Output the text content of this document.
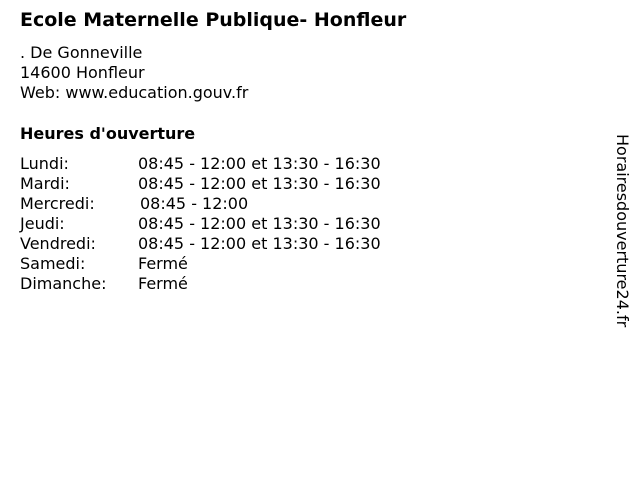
Ecole Maternelle Publique- Honfleur
. De Gonneville
14600 Honfleur
Web: www.education.gouv.fr
Heures d'ouverture
Lundi:	08:45 - 12:00 et 13:30 - 16:30
Mardi:	08:45 - 12:00 et 13:30 - 16:30
Mercredi:	08:45 - 12:00
Jeudi:	08:45 - 12:00 et 13:30 - 16:30
Vendredi:	08:45 - 12:00 et 13:30 - 16:30
Samedi:	Fermé
Dimanche: Fermé	Horairesdouverture24.fr
